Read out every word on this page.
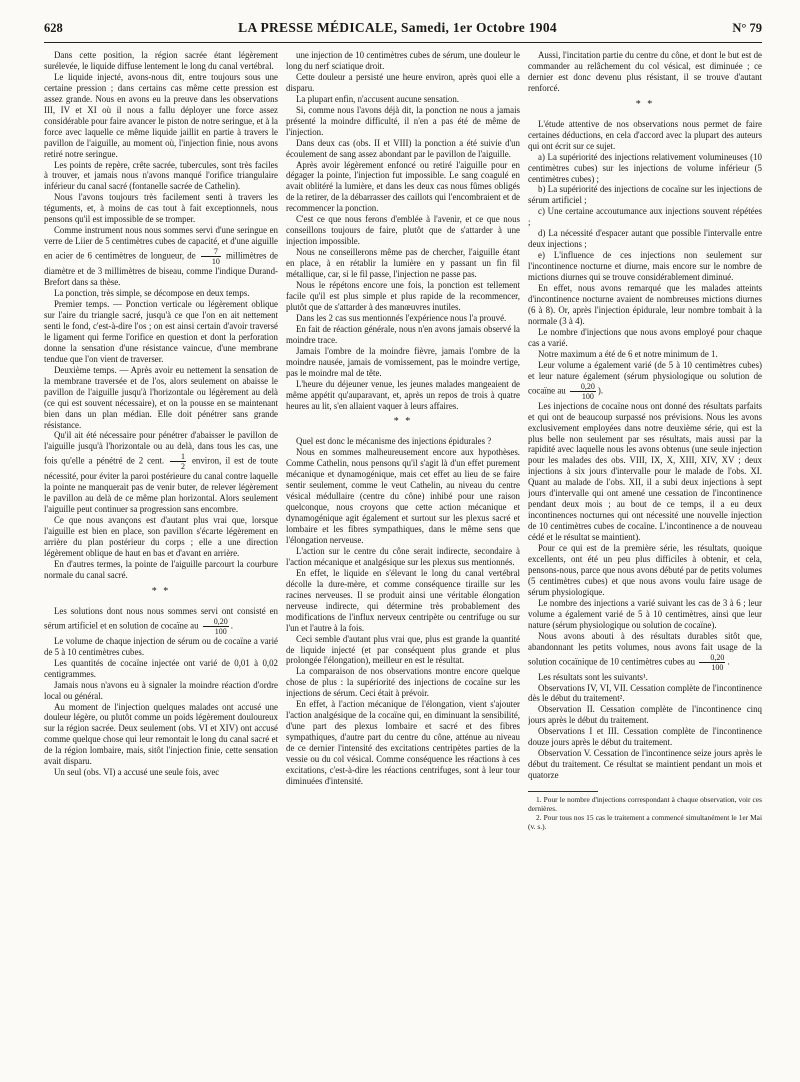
628	LA PRESSE MÉDICALE, Samedi, 1er Octobre 1904	N° 79

Dans cette position, la région sacrée étant légèrement surélevée, le liquide diffuse lentement le long du canal vertébral.

Le liquide injecté, avons-nous dit, entre toujours sous une certaine pression ; dans certains cas même cette pression est assez grande. Nous en avons eu la preuve dans les observations III, IV et XI où il nous a fallu déployer une force assez considérable pour faire avancer le piston de notre seringue, et à la force avec laquelle ce même liquide jaillit en partie à travers le pavillon de l'aiguille, au moment où, l'injection finie, nous avons retiré notre seringue.

Les points de repère, crête sacrée, tubercules, sont très faciles à trouver, et jamais nous n'avons manqué l'orifice triangulaire inférieur du canal sacré (fontanelle sacrée de Cathelin).

Nous l'avons toujours très facilement senti à travers les téguments, et, à moins de cas tout à fait exceptionnels, nous pensons qu'il est impossible de se tromper.

Comme instrument nous nous sommes servi d'une seringue en verre de Liier de 5 centimètres cubes de capacité, et d'une aiguille en acier de 6 centimètres de longueur, de $\frac{7}{10}$ millimètres de diamètre et de 3 millimètres de biseau, comme l'indique Durand-Brefort dans sa thèse.

La ponction, très simple, se décompose en deux temps.

Premier temps. — Ponction verticale ou légèrement oblique sur l'aire du triangle sacré, jusqu'à ce que l'on en ait nettement senti le fond, c'est-à-dire l'os ; on est ainsi certain d'avoir traversé le ligament qui ferme l'orifice en question et dont la perforation donne la sensation d'une résistance vaincue, d'une membrane tendue que l'on vient de traverser.

Deuxième temps. — Après avoir eu nettement la sensation de la membrane traversée et de l'os, alors seulement on abaisse le pavillon de l'aiguille jusqu'à l'horizontale ou légèrement au delà (ce qui est souvent nécessaire), et on la pousse en se maintenant bien dans un plan médian. Elle doit pénétrer sans grande résistance.

Qu'il ait été nécessaire pour pénétrer d'abaisser le pavillon de l'aiguille jusqu'à l'horizontale ou au delà, dans tous les cas, une fois qu'elle a pénétré de 2 cent. $\frac{1}{2}$ environ, il est de toute nécessité, pour éviter la paroi postérieure du canal contre laquelle la pointe ne manquerait pas de venir buter, de relever légèrement le pavillon au delà de ce même plan horizontal. Alors seulement l'aiguille peut continuer sa progression sans encombre.

Ce que nous avançons est d'autant plus vrai que, lorsque l'aiguille est bien en place, son pavillon s'écarte légèrement en arrière du plan postérieur du corps ; elle a une direction légèrement oblique de haut en bas et d'avant en arrière.

En d'autres termes, la pointe de l'aiguille parcourt la courbure normale du canal sacré.

* *

Les solutions dont nous nous sommes servi ont consisté en sérum artificiel et en solution de cocaïne au $\frac{0,20}{100}$ .

Le volume de chaque injection de sérum ou de cocaïne a varié de 5 à 10 centimètres cubes.

Les quantités de cocaïne injectée ont varié de 0,01 à 0,02 centigrammes.

Jamais nous n'avons eu à signaler la moindre réaction d'ordre local ou général.

Au moment de l'injection quelques malades ont accusé une douleur légère, ou plutôt comme un poids légèrement douloureux sur la région sacrée. Deux seulement (obs. VI et XIV) ont accusé comme quelque chose qui leur remontait le long du canal sacré et de la région lombaire, mais, sitôt l'injection finie, cette sensation avait disparu.

Un seul (obs. VI) a accusé une seule fois, avec

une injection de 10 centimètres cubes de sérum, une douleur le long du nerf sciatique droit.

Cette douleur a persisté une heure environ, après quoi elle a disparu.

La plupart enfin, n'accusent aucune sensation.

Si, comme nous l'avons déjà dit, la ponction ne nous a jamais présenté la moindre difficulté, il n'en a pas été de même de l'injection.

Dans deux cas (obs. II et VIII) la ponction a été suivie d'un écoulement de sang assez abondant par le pavillon de l'aiguille.

Après avoir légèrement enfoncé ou retiré l'aiguille pour en dégager la pointe, l'injection fut impossible. Le sang coagulé en avait oblitéré la lumière, et dans les deux cas nous fûmes obligés de la retirer, de la débarrasser des caillots qui l'encombraient et de recommencer la ponction.

C'est ce que nous ferons d'emblée à l'avenir, et ce que nous conseillons toujours de faire, plutôt que de s'attarder à une injection impossible.

Nous ne conseillerons même pas de chercher, l'aiguille étant en place, à en rétablir la lumière en y passant un fin fil métallique, car, si le fil passe, l'injection ne passe pas.

Nous le répétons encore une fois, la ponction est tellement facile qu'il est plus simple et plus rapide de la recommencer, plutôt que de s'attarder à des manœuvres inutiles.

Dans les 2 cas sus mentionnés l'expérience nous l'a prouvé.

En fait de réaction générale, nous n'en avons jamais observé la moindre trace.

Jamais l'ombre de la moindre fièvre, jamais l'ombre de la moindre nausée, jamais de vomissement, pas le moindre vertige, pas le moindre mal de tête.

L'heure du déjeuner venue, les jeunes malades mangeaient de même appétit qu'auparavant, et, après un repos de trois à quatre heures au lit, s'en allaient vaquer à leurs affaires.

* *

Quel est donc le mécanisme des injections épidurales ?

Nous en sommes malheureusement encore aux hypothèses. Comme Cathelin, nous pensons qu'il s'agit là d'un effet purement mécanique et dynamogénique, mais cet effet au lieu de se faire sentir seulement, comme le veut Cathelin, au niveau du centre vésical médullaire (centre du cône) inhibé pour une raison quelconque, nous croyons que cette action mécanique et dynamogénique agit également et surtout sur les plexus sacré et lombaire et les fibres sympathiques, dans le même sens que l'élongation nerveuse.

L'action sur le centre du cône serait indirecte, secondaire à l'action mécanique et analgésique sur les plexus sus mentionnés.

En effet, le liquide en s'élevant le long du canal vertébral décolle la dure-mère, et comme conséquence tiraille sur les racines nerveuses. Il se produit ainsi une véritable élongation nerveuse indirecte, qui détermine très probablement des modifications de l'influx nerveux centripète ou centrifuge ou sur l'un et l'autre à la fois.

Ceci semble d'autant plus vrai que, plus est grande la quantité de liquide injecté (et par conséquent plus grande et plus prolongée l'élongation), meilleur en est le résultat.

La comparaison de nos observations montre encore quelque chose de plus : la supériorité des injections de cocaïne sur les injections de sérum. Ceci était à prévoir.

En effet, à l'action mécanique de l'élongation, vient s'ajouter l'action analgésique de la cocaïne qui, en diminuant la sensibilité, d'une part des plexus lombaire et sacré et des fibres sympathiques, d'autre part du centre du cône, atténue au niveau de ce dernier l'intensité des excitations centripètes parties de la vessie ou du col vésical. Comme conséquence les réactions à ces excitations, c'est-à-dire les réactions centrifuges, sont à leur tour diminuées d'intensité.

Aussi, l'incitation partie du centre du cône, et dont le but est de commander au relâchement du col vésical, est diminuée ; ce dernier est donc devenu plus résistant, il se trouve d'autant renforcé.

* *

L'étude attentive de nos observations nous permet de faire certaines déductions, en cela d'accord avec la plupart des auteurs qui ont écrit sur ce sujet.

a) La supériorité des injections relativement volumineuses (10 centimètres cubes) sur les injections de volume inférieur (5 centimètres cubes) ;

b) La supériorité des injections de cocaïne sur les injections de sérum artificiel ;

c) Une certaine accoutumance aux injections souvent répétées ;

d) La nécessité d'espacer autant que possible l'intervalle entre deux injections ;

e) L'influence de ces injections non seulement sur l'incontinence nocturne et diurne, mais encore sur le nombre de mictions diurnes qui se trouve considérablement diminué.

En effet, nous avons remarqué que les malades atteints d'incontinence nocturne avaient de nombreuses mictions diurnes (6 à 8). Or, après l'injection épidurale, leur nombre tombait à la normale (3 à 4).

Le nombre d'injections que nous avons employé pour chaque cas a varié.

Notre maximum a été de 6 et notre minimum de 1.

Leur volume a également varié (de 5 à 10 centimètres cubes) et leur nature également (sérum physiologique ou solution de cocaïne au $\frac{0,20}{100}$ ).

Les injections de cocaïne nous ont donné des résultats parfaits et qui ont de beaucoup surpassé nos prévisions. Nous les avons exclusivement employées dans notre deuxième série, qui est la plus belle non seulement par ses résultats, mais aussi par la rapidité avec laquelle nous les avons obtenus (une seule injection pour les malades des obs. VIII, IX, X, XIII, XIV, XV ; deux injections à six jours d'intervalle pour le malade de l'obs. XI. Quant au malade de l'obs. XII, il a subi deux injections à sept jours d'intervalle qui ont amené une cessation de l'incontinence pendant deux mois ; au bout de ce temps, il a eu deux incontinences nocturnes qui ont nécessité une nouvelle injection de 10 centimètres cubes de cocaïne. L'incontinence a de nouveau cédé et le résultat se maintient).

Pour ce qui est de la première série, les résultats, quoique excellents, ont été un peu plus difficiles à obtenir, et cela, pensons-nous, parce que nous avons débuté par de petits volumes (5 centimètres cubes) et que nous avons voulu faire usage de sérum physiologique.

Le nombre des injections a varié suivant les cas de 3 à 6 ; leur volume a également varié de 5 à 10 centimètres, ainsi que leur nature (sérum physiologique ou solution de cocaïne).

Nous avons abouti à des résultats durables sitôt que, abandonnant les petits volumes, nous avons fait usage de la solution cocaïnique de 10 centimètres cubes au $\frac{0,20}{100}$ .

Les résultats sont les suivants¹.

Observations IV, VI, VII. Cessation complète de l'incontinence dès le début du traitement².

Observation II. Cessation complète de l'incontinence cinq jours après le début du traitement.

Observations I et III. Cessation complète de l'incontinence douze jours après le début du traitement.

Observation V. Cessation de l'incontinence seize jours après le début du traitement. Ce résultat se maintient pendant un mois et quatorze

1. Pour le nombre d'injections correspondant à chaque observation, voir ces dernières.

2. Pour tous nos 15 cas le traitement a commencé simultanément le 1er Mai (v. s.).
